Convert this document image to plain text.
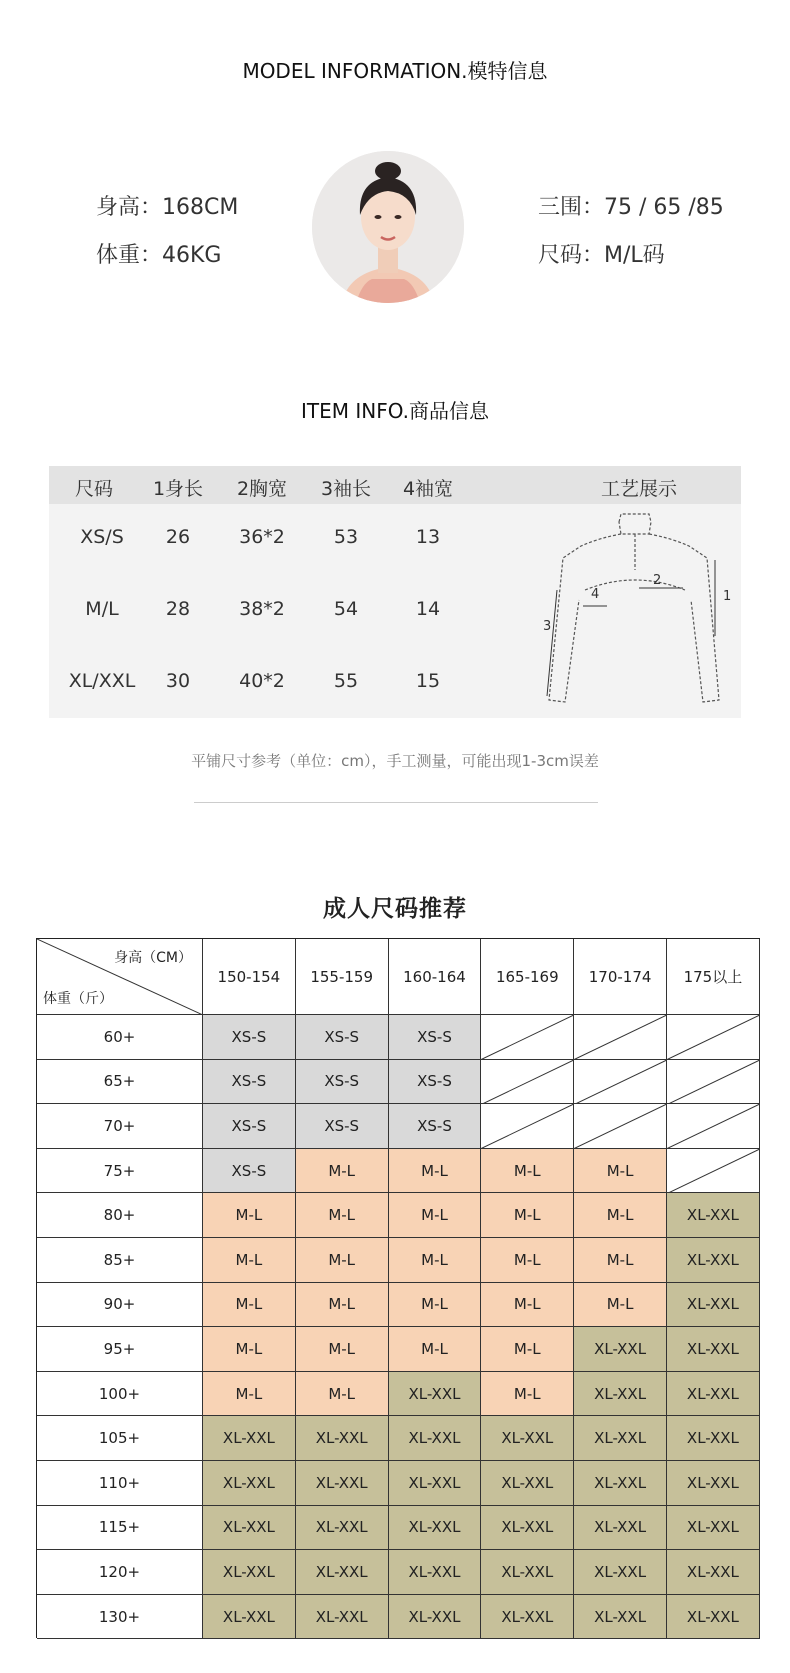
MODEL INFORMATION.模特信息
身高：168CM
体重：46KG
三围：75 / 65 /85
尺码：M/L码
ITEM INFO.商品信息
尺码	1身长	2胸宽	3袖长	4袖宽	工艺展示
XS/S	26	36*2	53	13
M/L	28	38*2	54	14
XL/XXL	30	40*2	55	15
1
2
3
4
平铺尺寸参考（单位：cm），手工测量，可能出现1-3cm误差
成人尺码推荐
身高（CM）
体重（斤）
150-154	155-159	160-164	165-169	170-174	175以上
60+	XS-S	XS-S	XS-S
65+	XS-S	XS-S	XS-S
70+	XS-S	XS-S	XS-S
75+	XS-S	M-L	M-L	M-L	M-L
80+	M-L	M-L	M-L	M-L	M-L	XL-XXL
85+	M-L	M-L	M-L	M-L	M-L	XL-XXL
90+	M-L	M-L	M-L	M-L	M-L	XL-XXL
95+	M-L	M-L	M-L	M-L	XL-XXL	XL-XXL
100+	M-L	M-L	XL-XXL	M-L	XL-XXL	XL-XXL
105+	XL-XXL	XL-XXL	XL-XXL	XL-XXL	XL-XXL	XL-XXL
110+	XL-XXL	XL-XXL	XL-XXL	XL-XXL	XL-XXL	XL-XXL
115+	XL-XXL	XL-XXL	XL-XXL	XL-XXL	XL-XXL	XL-XXL
120+	XL-XXL	XL-XXL	XL-XXL	XL-XXL	XL-XXL	XL-XXL
130+	XL-XXL	XL-XXL	XL-XXL	XL-XXL	XL-XXL	XL-XXL
